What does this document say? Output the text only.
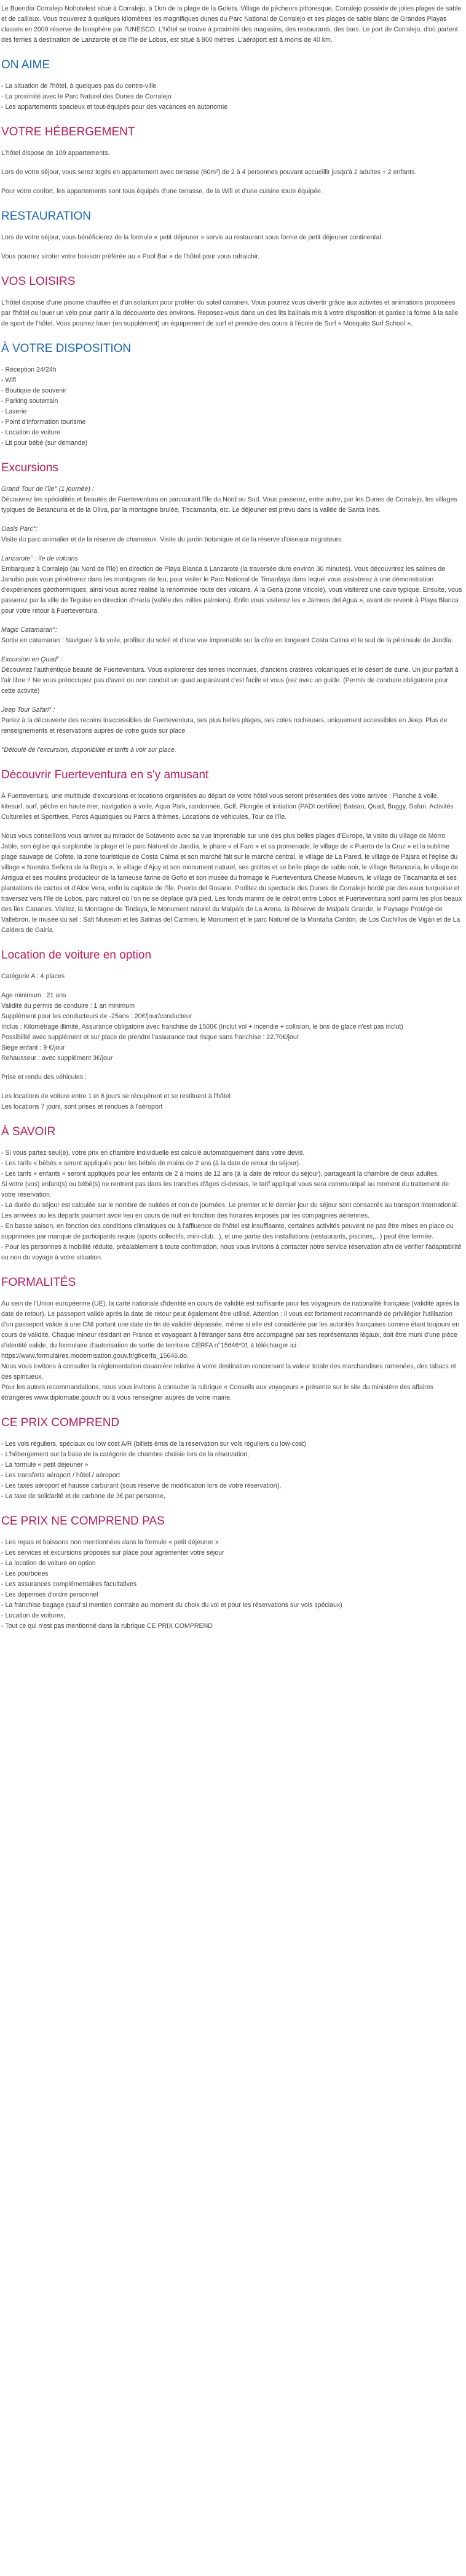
Le Buendía Corralejo Nohotelest situé à Corralejo, à 1km de la plage de la Goleta. Village de pêcheurs pittoresque, Corralejo possède de jolies plages de sable et de cailloux. Vous trouverez à quelques kilomètres les magnifiques dunes du Parc National de Corralejo et ses plages de sable blanc de Grandes Playas classés en 2009 réserve de biosphère par l'UNESCO. L'hôtel se trouve à proximité des magasins, des restaurants, des bars. Le port de Corralejo, d'où partent des ferries à destination de Lanzarote et de l'île de Lobos, est situé à 800 mètres. L'aéroport est à moins de 40 km.

ON AIME
- La situation de l'hôtel, à quelques pas du centre-ville
- La proximité avec le Parc Naturel des Dunes de Corralejo
- Les appartements spacieux et tout-équipés pour des vacances en autonomie
VOTRE HÉBERGEMENT

L'hôtel dispose de 109 appartements.

Lors de votre séjour, vous serez logés en appartement avec terrasse (60m²) de 2 à 4 personnes pouvant accueillir jusqu'à 2 adultes + 2 enfants.

Pour votre confort, les appartements sont tous équipés d'une terrasse, de la Wifi et d'une cuisine toute équipée.

RESTAURATION

Lors de votre séjour, vous bénéficierez de la formule « petit déjeuner » servis au restaurant sous forme de petit déjeuner continental.

Vous pourrez siroter votre boisson préférée au « Pool Bar » de l'hôtel pour vous rafraichir.

VOS LOISIRS

L'hôtel dispose d'une piscine chauffée et d'un solarium pour profiter du soleil canarien. Vous pourrez vous divertir grâce aux activités et animations proposées par l'hôtel ou louer un vélo pour partir à la découverte des environs. Reposez-vous dans un des lits balinais mis à votre disposition et gardez la forme à la salle de sport de l'hôtel. Vous pourrez louer (en supplément) un équipement de surf et prendre des cours à l'école de Surf « Mosquito Surf School ».

À VOTRE DISPOSITION
- Réception 24/24h
- Wifi
- Boutique de souvenir
- Parking souterrain
- Laverie
- Point d'information tourisme
- Location de voiture
- Lit pour bébé (sur demande)
Excursions
Grand Tour de l'île° (1 journée) :
Découvrez les spécialités et beautés de Fuerteventura en parcourant l'île du Nord au Sud. Vous passerez, entre autre, par les Dunes de Corralejo, les villages typiques de Betancuria et de la Oliva, par la montagne brulée, Tiscamanita, etc. Le déjeuner est prévu dans la vallée de Santa Inés.
Oasis Parc°:
Visite du parc animalier et de la réserve de chameaux. Visite du jardin botanique et de la réserve d'oiseaux migrateurs.
Lanzarote° : île de volcans
Embarquez à Corralejo (au Nord de l'île) en direction de Playa Blanca à Lanzarote (la traversée dure environ 30 minutes). Vous découvrirez les salines de Janubio puis vous pénètrerez dans les montagnes de feu, pour visiter le Parc National de Timanfaya dans lequel vous assisterez à une démonstration d'expériences géothermiques, ainsi vous aurez réalisé la renommée route des volcans. À la Geria (zone viticole), vous visiterez une cave typique. Ensuite, vous passerez par la ville de Teguise en direction d'Haría (vallée des milles palmiers). Enfin vous visiterez les « Jameos del Agua », avant de revenir à Playa Blanca pour votre retour à Fuerteventura.
Magic Catamaran°:
Sortie en catamaran : Naviguez à la voile, profitez du soleil et d'une vue imprenable sur la côte en longeant Costa Calma et le sud de la péninsule de Jandía.
Excursion en Quad° :
Découvrez l'authentique beauté de Fuerteventura. Vous explorerez des terres inconnues, d'anciens cratères volcaniques et le désert de dune. Un jour parfait à l'air libre !! Ne vous préoccupez pas d'avoir ou non conduit un quad auparavant c'est facile et vous (rez avec un guide. (Permis de conduire obligatoire pour cette activité)
Jeep Tour Safari° :
Partez à la découverte des recoins inaccessibles de Fuerteventura, ses plus belles plages, ses cotes rocheuses, uniquement accessibles en Jeep. Plus de renseignements et réservations auprès de votre guide sur place

°Détoulé de l'excursion, disponibilité et tarifs à voir sur place.

Découvrir Fuerteventura en s'y amusant

À Fuerteventura, une multitude d'excursions et locations organisées au départ de votre hôtel vous seront présentées dès votre arrivée : Planche à voile, kitesurf, surf, pêche en haute mer, navigation à voile, Aqua Park, randonnée, Golf, Plongée et initiation (PADI certifiée) Bateau, Quad, Buggy, Safari, Activités Culturelles et Sportives, Parcs Aquatiques ou Parcs à thèmes, Locations de véhicules, Tour de l'île.

Nous vous conseillons vous arriver au mirador de Sotavento avec sa vue imprenable sur une des plus belles plages d'Europe, la visite du village de Morro Jable, son église qui surplombe la plage et le parc Naturel de Jandía, le phare « el Faro » et sa promenade, le village de « Puerto de la Cruz » et la sublime plage sauvage de Cofete, la zone touristique de Costa Calma et son marché fait sur le marché central, le village de La Pared, le village de Pájara et l'église du village « Nuestra Señora de la Regla », le village d'Ajuy et son monument naturel, ses grottes et se belle plage de sable noir, le village Betancuria, le village de Antigua et ses moulins producteur de la fameuse farine de Gofio et son musée du fromage le Fuerteventura Cheese Museum, le village de Tiscamanita et ses plantations de cactus et d'Aloe Vera, enfin la capitale de l'île, Puerto del Rosario. Profitez du spectacle des Dunes de Corralejo bordé par des eaux turquoise et traversez vers l'île de Lobos, parc naturel où l'on ne se déplace qu'à pied. Les fonds marins de le détroit entre Lobos et Fuerteventura sont parmi les plus beaux des îles Canaries. Visitez, la Montagne de Tindaya, le Monument naturel du Malpaís de La Arena, la Réserve de Malpaís Grande, le Paysage Protégé de Vallebrón, le musée du sel : Salt Museum et les Salinas del Carmen, le Monument et le parc Naturel de la Montaña Cardón, de Los Cuchillos de Vigán et de La Caldera de Gairía.

Location de voiture en option

Catégorie A : 4 places

Age minimum : 21 ans
Validité du permis de conduire : 1 an minimum
Supplément pour les conducteurs de -25ans : 20€/jour/conducteur
Inclus : Kilométrage illimité, Assurance obligatoire avec franchise de 1500€ (Inclut vol + incendie + collision, le bris de glace n'est pas inclut)
Possibilité avec supplément et sur place de prendre l'assurance tout risque sans franchise : 22.70€/jour
Siège enfant : 9 €/jour
Rehausseur : avec supplément 3€/jour

Prise et rendu des véhicules :

Les locations de voiture entre 1 et 6 jours se récupèrent et se restituent à l'hôtel
Les locations 7 jours, sont prises et rendues à l'aéroport
À SAVOIR
- Si vous partez seul(e), votre prix en chambre individuelle est calculé automatiquement dans votre devis.
- Les tarifs « bébés » seront appliqués pour les bébés de moins de 2 ans (à la date de retour du séjour).
- Les tarifs « enfants » seront appliqués pour les enfants de 2 à moins de 12 ans (à la date de retour du séjour), partageant la chambre de deux adultes.
Si votre (vos) enfant(s) ou bébé(s) ne rentrent pas dans les tranches d'âges ci-dessus, le tarif appliqué vous sera communiqué au moment du traitement de votre réservation.
- La durée du séjour est calculée sur le nombre de nuitées et non de journées. Le premier et le dernier jour du séjour sont consacrés au transport international. Les arrivées ou les départs pourront avoir lieu en cours de nuit en fonction des horaires imposés par les compagnies aériennes.
- En basse saison, en fonction des conditions climatiques ou à l'affluence de l'hôtel est insuffisante, certaines activités peuvent ne pas être mises en place ou supprimées par manque de participants requis (sports collectifs, mini-club...), et une partie des installations (restaurants, piscines,...) peut être fermée.
- Pour les personnes à mobilité réduite, préalablement à toute confirmation, nous vous invitons à contacter notre service réservation afin de vérifier l'adaptabilité ou non du voyage à votre situation.
FORMALITÉS
Au sein de l'Union européenne (UE), la carte nationale d'identité en cours de validité est suffisante pour les voyageurs de nationalité française (validité après la date de retour). Le passeport valide après la date de retour peut également être utilisé. Attention : il vous est fortement recommandé de privilégier l'utilisation d'un passeport valide à une CNI portant une date de fin de validité dépassée, même si elle est considérée par les autorités françaises comme étant toujours en cours de validité. Chaque mineur résidant en France et voyageant à l'étranger sans être accompagné par ses représentants légaux, doit être muni d'une pièce d'identité valide, du formulaire d'autorisation de sortie de territoire CERFA n°15646*01 à télécharger ici :
https://www.formulaires.modernisation.gouv.fr/gf/cerfa_15646.do.
Nous vous invitons à consulter la réglementation douanière relative à votre destination concernant la valeur totale des marchandises ramenées, des tabacs et des spiritueux.
Pour les autres recommandations, nous vous invitons à consulter la rubrique « Conseils aux voyageurs » présente sur le site du ministère des affaires étrangères www.diplomatie.gouv.fr ou à vous renseigner auprès de votre mairie.
CE PRIX COMPREND
- Les vols réguliers, spéciaux ou low cost A/R (billets émis de la réservation sur vols réguliers ou low-cost)
- L'hébergement sur la base de la catégorie de chambre choisie lors de la réservation,
- La formule « petit déjeuner »
- Les transferts aéroport / hôtel / aéroport
- Les taxes aéroport et hausse carburant (sous réserve de modification lors de votre réservation),
- La taxe de solidarité et de carbone de 3€ par personne,
CE PRIX NE COMPREND PAS
- Les repas et boissons non mentionnées dans la formule « petit déjeuner »
- Les services et excursions proposés sur place pour agrémenter votre séjour
- La location de voiture en option
- Les pourboires
- Les assurances complémentaires facultatives
- Les dépenses d'ordre personnel
- La franchise bagage (sauf si mention contraire au moment du choix du vol et pour les réservations sur vols spéciaux)
- Location de voitures,
- Tout ce qui n'est pas mentionné dans la rubrique CE PRIX COMPREND
